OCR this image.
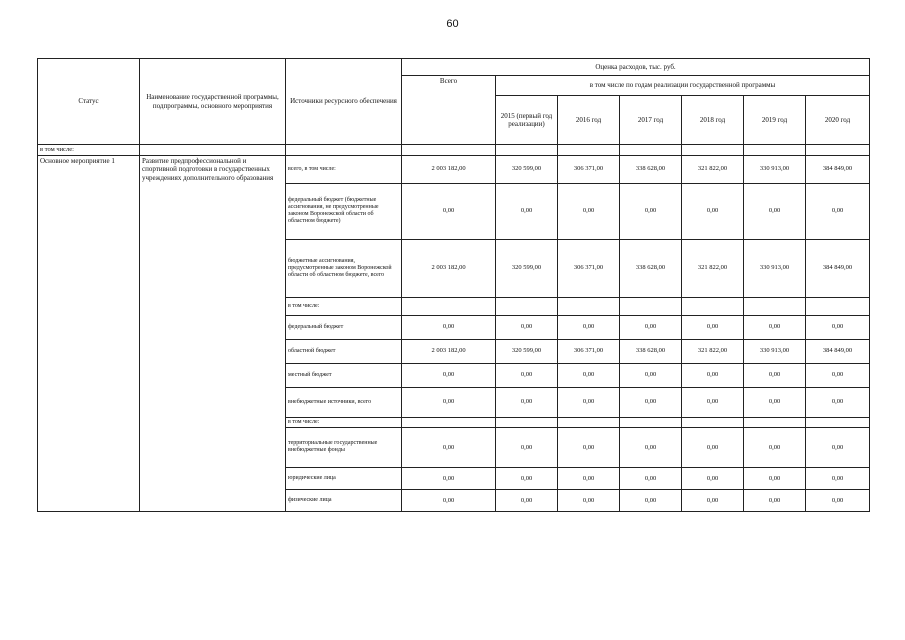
60
Статус	Наименование государственной программы, подпрограммы, основного мероприятия	Источники ресурсного обеспечения	Оценка расходов, тыс. руб.						
			Всего	в том числе по годам реализации государственной программы					
				2015 (первый год реализации)	2016 год	2017 год	2018 год	2019 год	2020 год
в том числе:									
Основное мероприятие 1	Развитие предпрофессиональной и спортивной подготовки в государственных учреждениях дополнительного образования	всего, в том числе:	2 003 182,00	320 599,00	306 371,00	338 628,00	321 822,00	330 913,00	384 849,00
		федеральный бюджет (бюджетные ассигнования, не предусмотренные законом Воронежской области об областном бюджете)	0,00	0,00	0,00	0,00	0,00	0,00	0,00
		бюджетные ассигнования, предусмотренные законом Воронежской области об областном бюджете, всего	2 003 182,00	320 599,00	306 371,00	338 628,00	321 822,00	330 913,00	384 849,00
		в том числе:							
		федеральный бюджет	0,00	0,00	0,00	0,00	0,00	0,00	0,00
		областной бюджет	2 003 182,00	320 599,00	306 371,00	338 628,00	321 822,00	330 913,00	384 849,00
		местный бюджет	0,00	0,00	0,00	0,00	0,00	0,00	0,00
		внебюджетные источники, всего	0,00	0,00	0,00	0,00	0,00	0,00	0,00
		в том числе:							
		территориальные государственные внебюджетные фонды	0,00	0,00	0,00	0,00	0,00	0,00	0,00
		юридические лица	0,00	0,00	0,00	0,00	0,00	0,00	0,00
		физические лица	0,00	0,00	0,00	0,00	0,00	0,00	0,00
